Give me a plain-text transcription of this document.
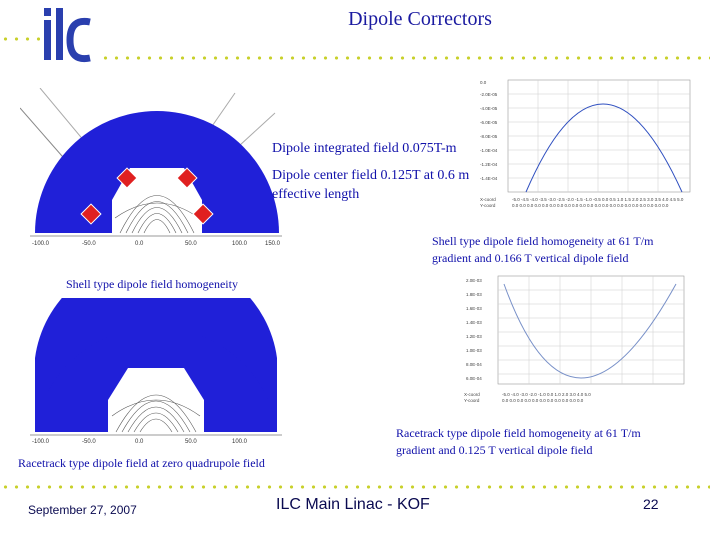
Dipole Correctors
-100.0	-50.0	0.0	50.0	100.0	150.0
0.0
-2.0E-05
-4.0E-05
-6.0E-05
-8.0E-05
-1.0E-04
-1.2E-04
-1.4E-04
X-coord
Y-coord
-5.0 -4.5 -4.0 -3.5 -3.0 -2.5 -2.0 -1.5 -1.0 -0.5 0.0 0.5 1.0 1.5 2.0 2.5 3.0 3.5 4.0 4.5 5.0
0.0 0.0 0.0 0.0 0.0 0.0 0.0 0.0 0.0 0.0 0.0 0.0 0.0 0.0 0.0 0.0 0.0 0.0 0.0 0.0 0.0
Dipole integrated field 0.075T-m
Dipole center field 0.125T at 0.6 m
effective length
Shell type dipole field homogeneity at 61 T/m
gradient and 0.166 T vertical dipole field
Shell type dipole field homogeneity
-100.0	-50.0	0.0	50.0	100.0
2.0E-03
1.8E-03
1.6E-03
1.4E-03
1.2E-03
1.0E-03
8.0E-04
6.0E-04
X-coord
Y-coord
-5.0 -4.0 -3.0 -2.0 -1.0 0.0 1.0 2.0 3.0 4.0 5.0
0.0 0.0 0.0 0.0 0.0 0.0 0.0 0.0 0.0 0.0 0.0
Racetrack type dipole field homogeneity at 61 T/m
gradient and 0.125 T vertical dipole field
Racetrack type dipole field at zero quadrupole field
September 27, 2007	ILC Main Linac - KOF	22
